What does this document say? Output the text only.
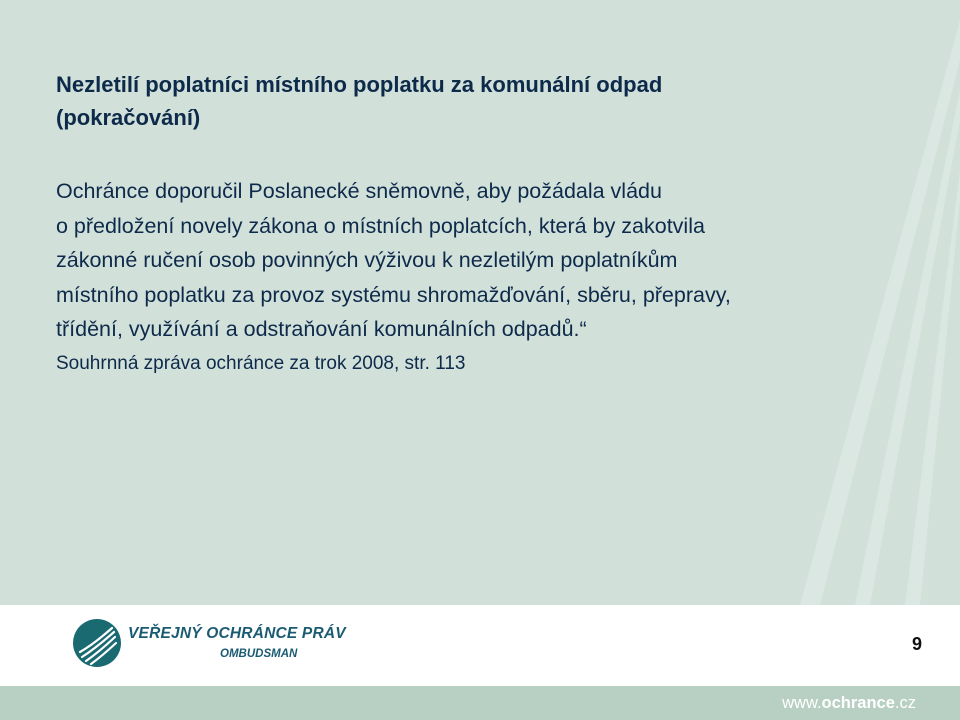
Nezletilí poplatníci místního poplatku za komunální odpad
(pokračování)
Ochránce doporučil Poslanecké sněmovně, aby požádala vládu
o předložení novely zákona o místních poplatcích, která by zakotvila
zákonné ručení osob povinných výživou k nezletilým poplatníkům
místního poplatku za provoz systému shromažďování, sběru, přepravy,
třídění, využívání a odstraňování komunálních odpadů.“
Souhrnná zpráva ochránce za trok 2008, str. 113
VEŘEJNÝ OCHRÁNCE PRÁV
OMBUDSMAN	9
www.ochrance.cz
